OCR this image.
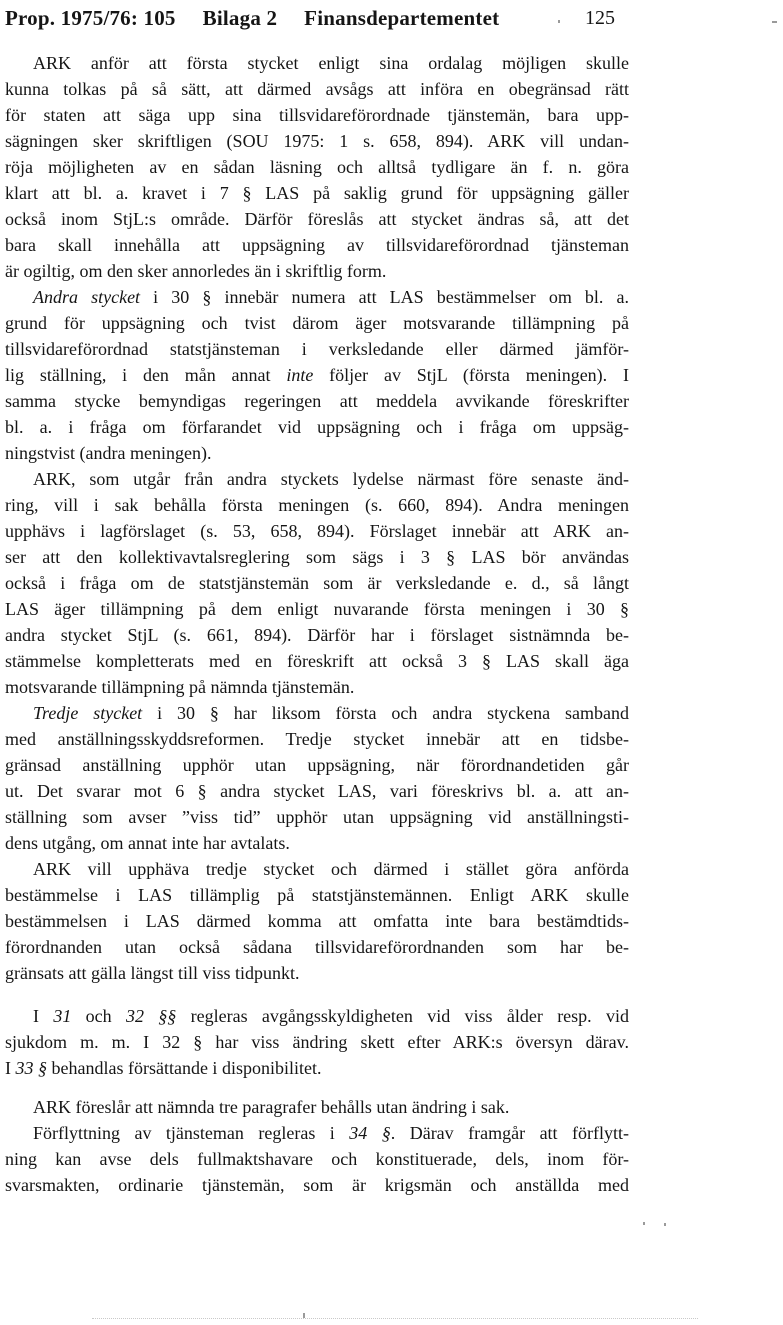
Prop. 1975/76: 105 Bilaga 2 Finansdepartementet	125
ARK anför att första stycket enligt sina ordalag möjligen skulle
kunna tolkas på så sätt, att därmed avsågs att införa en obegränsad rätt
för staten att säga upp sina tillsvidareförordnade tjänstemän, bara upp-
sägningen sker skriftligen (SOU 1975: 1 s. 658, 894). ARK vill undan-
röja möjligheten av en sådan läsning och alltså tydligare än f. n. göra
klart att bl. a. kravet i 7 § LAS på saklig grund för uppsägning gäller
också inom StjL:s område. Därför föreslås att stycket ändras så, att det
bara skall innehålla att uppsägning av tillsvidareförordnad tjänsteman
är ogiltig, om den sker annorledes än i skriftlig form.
Andra stycket i 30 § innebär numera att LAS bestämmelser om bl. a.
grund för uppsägning och tvist därom äger motsvarande tillämpning på
tillsvidareförordnad statstjänsteman i verksledande eller därmed jämför-
lig ställning, i den mån annat inte följer av StjL (första meningen). I
samma stycke bemyndigas regeringen att meddela avvikande föreskrifter
bl. a. i fråga om förfarandet vid uppsägning och i fråga om uppsäg-
ningstvist (andra meningen).
ARK, som utgår från andra styckets lydelse närmast före senaste änd-
ring, vill i sak behålla första meningen (s. 660, 894). Andra meningen
upphävs i lagförslaget (s. 53, 658, 894). Förslaget innebär att ARK an-
ser att den kollektivavtalsreglering som sägs i 3 § LAS bör användas
också i fråga om de statstjänstemän som är verksledande e. d., så långt
LAS äger tillämpning på dem enligt nuvarande första meningen i 30 §
andra stycket StjL (s. 661, 894). Därför har i förslaget sistnämnda be-
stämmelse kompletterats med en föreskrift att också 3 § LAS skall äga
motsvarande tillämpning på nämnda tjänstemän.
Tredje stycket i 30 § har liksom första och andra styckena samband
med anställningsskyddsreformen. Tredje stycket innebär att en tidsbe-
gränsad anställning upphör utan uppsägning, när förordnandetiden går
ut. Det svarar mot 6 § andra stycket LAS, vari föreskrivs bl. a. att an-
ställning som avser ”viss tid” upphör utan uppsägning vid anställningsti-
dens utgång, om annat inte har avtalats.
ARK vill upphäva tredje stycket och därmed i stället göra anförda
bestämmelse i LAS tillämplig på statstjänstemännen. Enligt ARK skulle
bestämmelsen i LAS därmed komma att omfatta inte bara bestämdtids-
förordnanden utan också sådana tillsvidareförordnanden som har be-
gränsats att gälla längst till viss tidpunkt.
I 31 och 32 §§ regleras avgångsskyldigheten vid viss ålder resp. vid
sjukdom m. m. I 32 § har viss ändring skett efter ARK:s översyn därav.
I 33 § behandlas försättande i disponibilitet.
ARK föreslår att nämnda tre paragrafer behålls utan ändring i sak.
Förflyttning av tjänsteman regleras i 34 §. Därav framgår att förflytt-
ning kan avse dels fullmaktshavare och konstituerade, dels, inom för-
svarsmakten, ordinarie tjänstemän, som är krigsmän och anställda med
